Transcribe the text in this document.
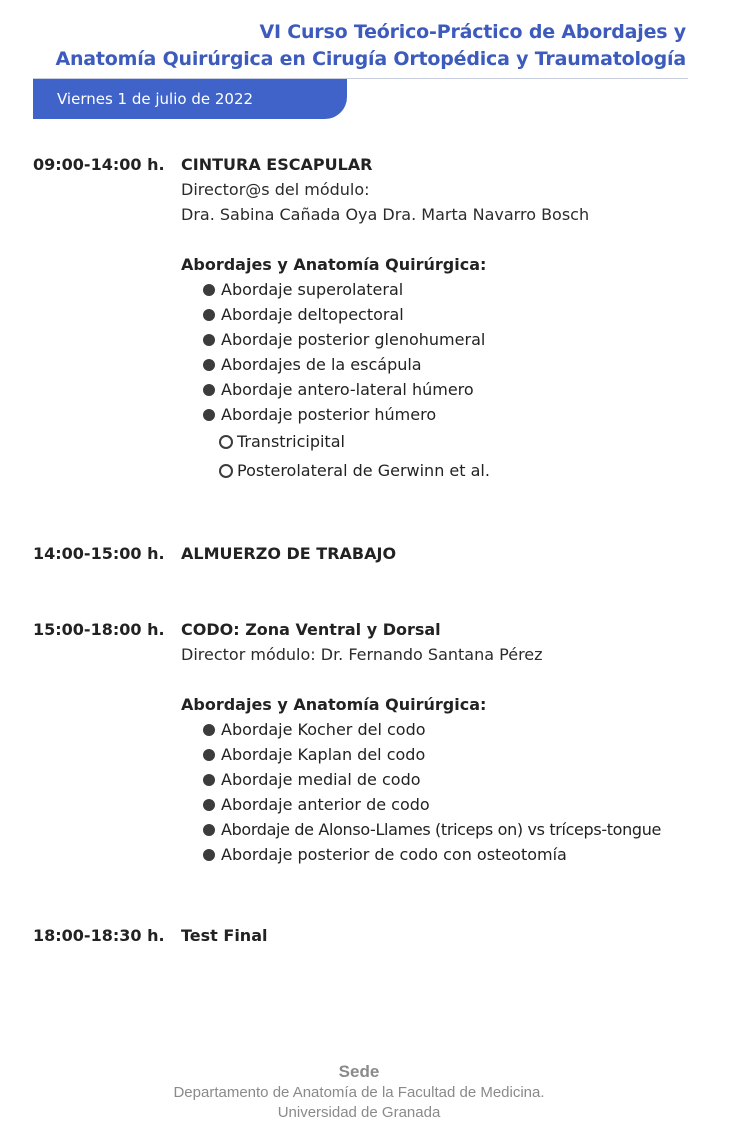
VI Curso Teórico-Práctico de Abordajes y
Anatomía Quirúrgica en Cirugía Ortopédica y Traumatología
Viernes 1 de julio de 2022
09:00-14:00 h.	CINTURA ESCAPULAR

Director@s del módulo:

Dra. Sabina Cañada Oya Dra. Marta Navarro Bosch

Abordajes y Anatomía Quirúrgica:

Abordaje superolateral
Abordaje deltopectoral
Abordaje posterior glenohumeral
Abordajes de la escápula
Abordaje antero-lateral húmero
Abordaje posterior húmero
Transtricipital
Posterolateral de Gerwinn et al.
14:00-15:00 h.	ALMUERZO DE TRABAJO

15:00-18:00 h.	CODO: Zona Ventral y Dorsal

Director módulo: Dr. Fernando Santana Pérez

Abordajes y Anatomía Quirúrgica:

Abordaje Kocher del codo
Abordaje Kaplan del codo
Abordaje medial de codo
Abordaje anterior de codo
Abordaje de Alonso-Llames (triceps on) vs tríceps-tongue
Abordaje posterior de codo con osteotomía
18:00-18:30 h.	Test Final

Sede

Departamento de Anatomía de la Facultad de Medicina.

Universidad de Granada
